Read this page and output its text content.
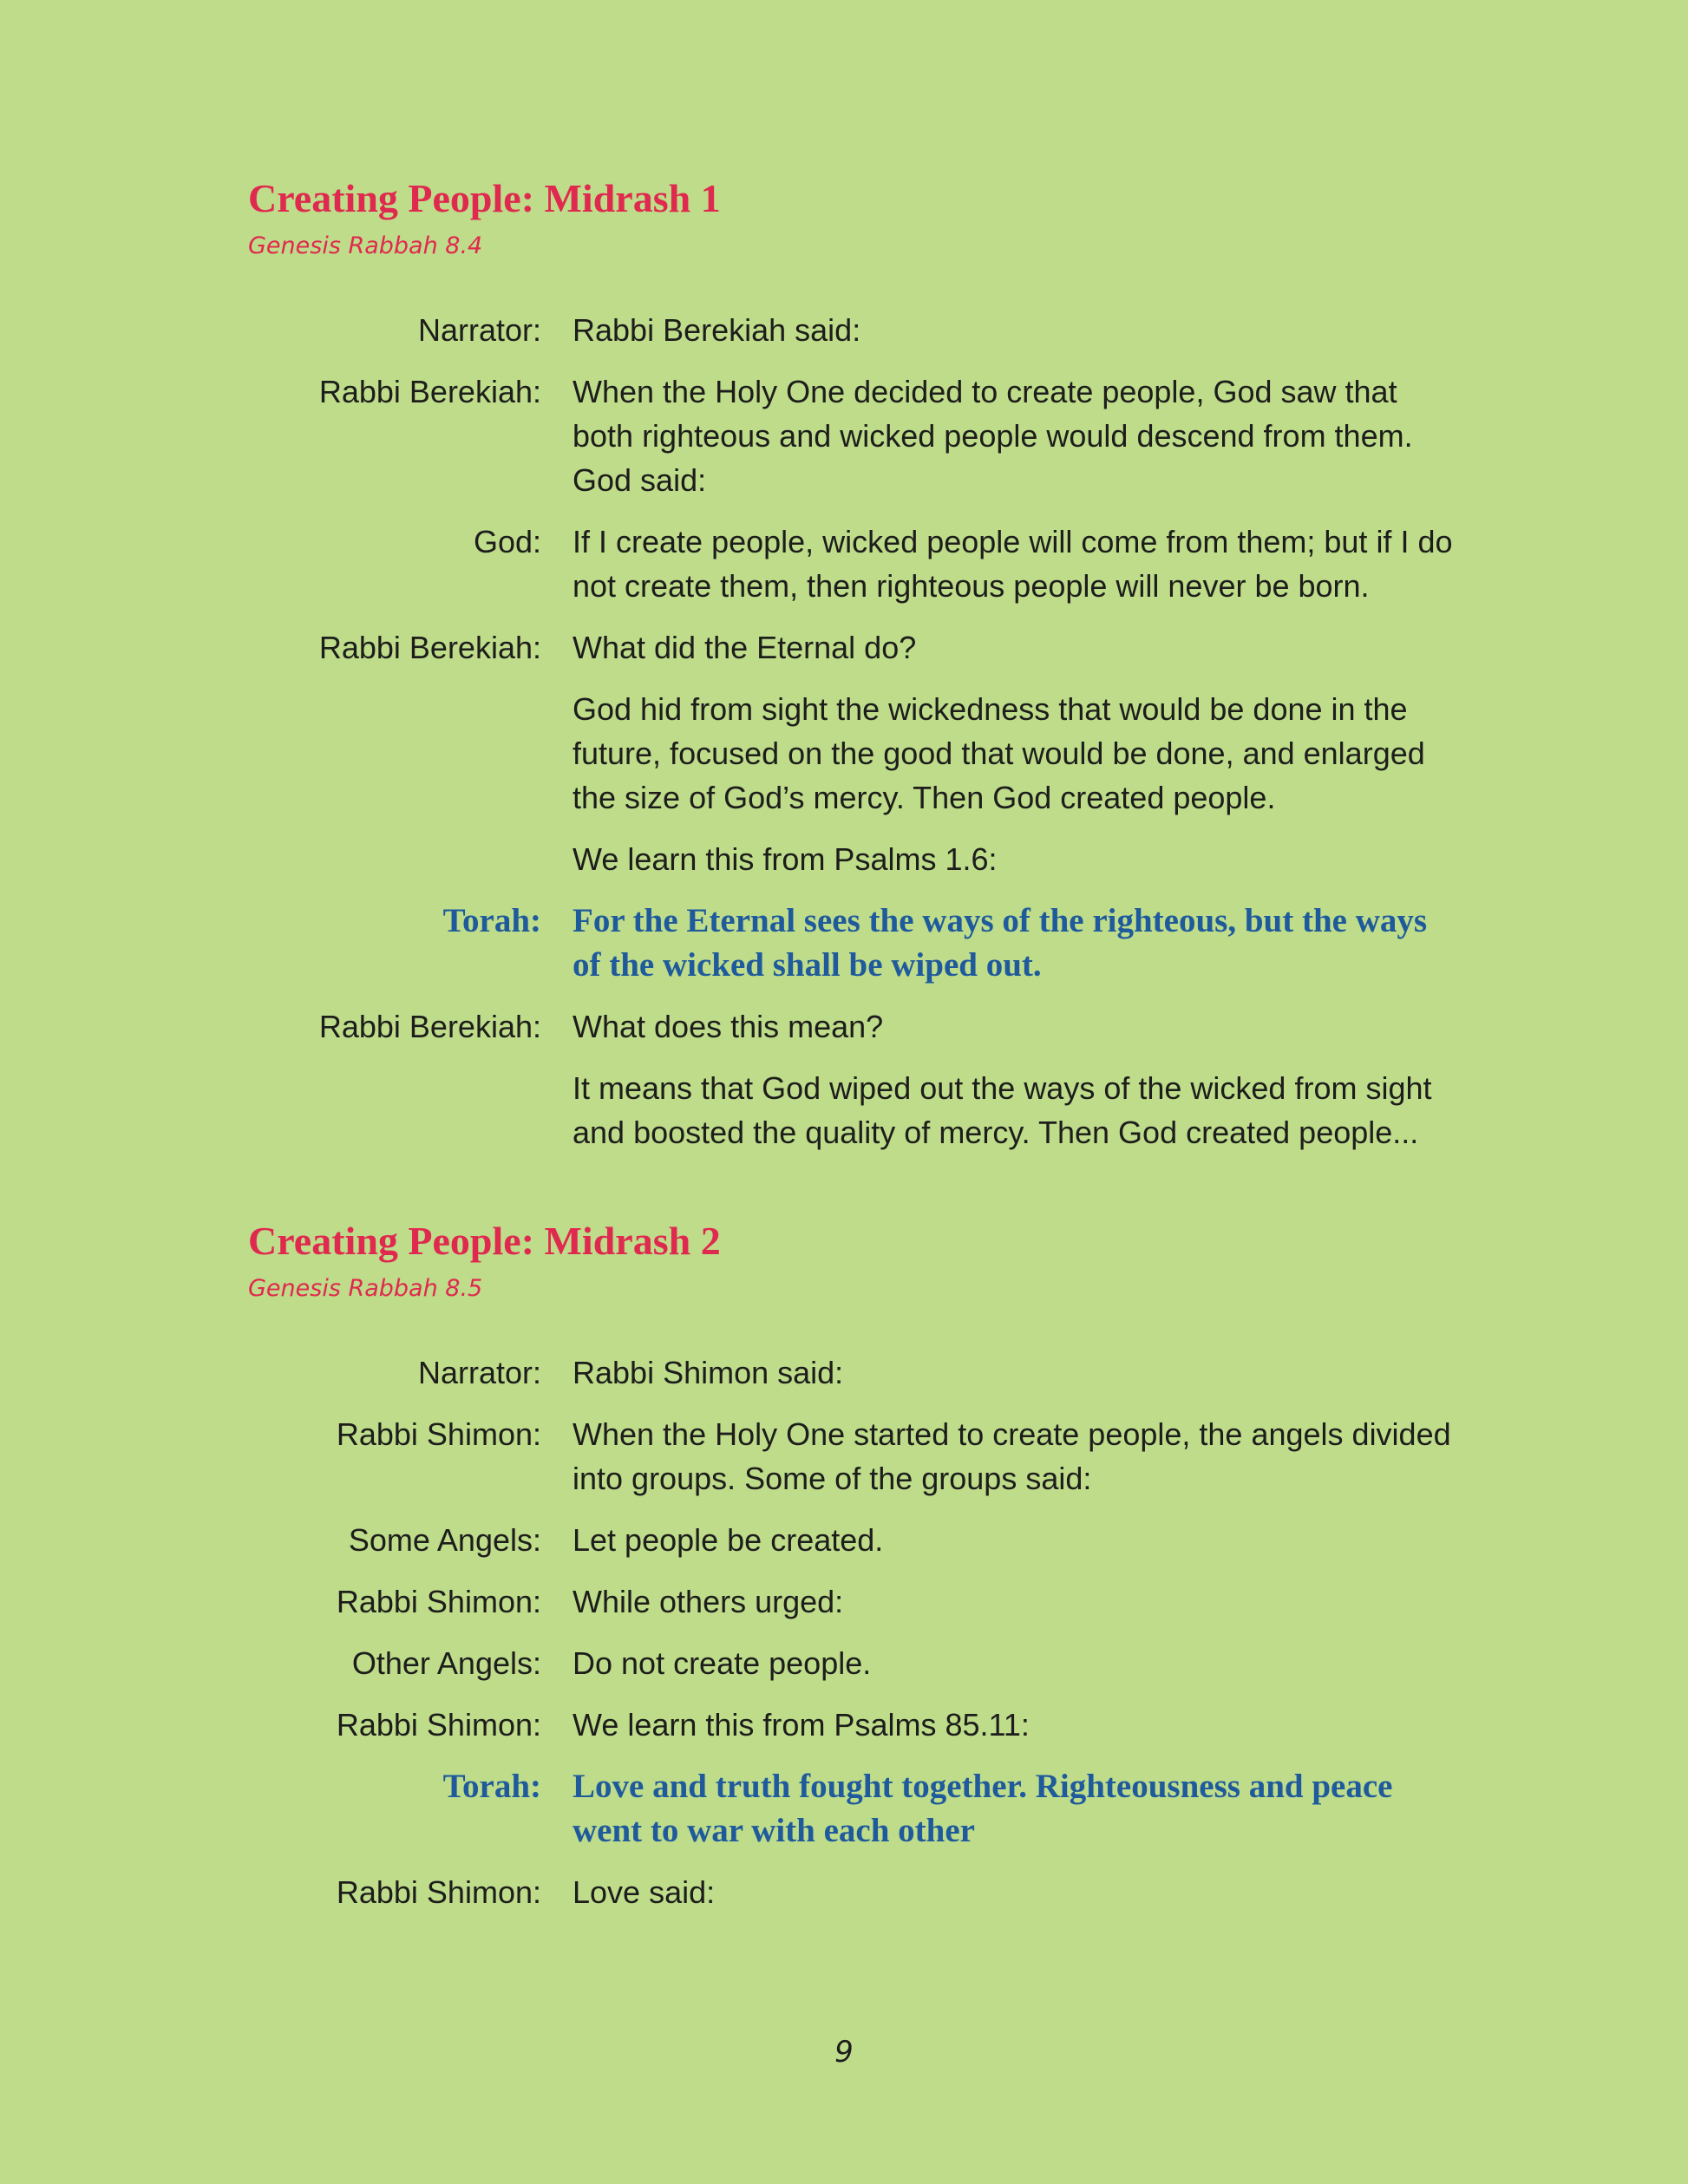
Creating People: Midrash 1
Genesis Rabbah 8.4
Narrator: Rabbi Berekiah said:
Rabbi Berekiah: When the Holy One decided to create people, God saw that both righteous and wicked people would descend from them. God said:
God: If I create people, wicked people will come from them; but if I do not create them, then righteous people will never be born.
Rabbi Berekiah: What did the Eternal do?
God hid from sight the wickedness that would be done in the future, focused on the good that would be done, and enlarged the size of God’s mercy. Then God created people.
We learn this from Psalms 1.6:
Torah: For the Eternal sees the ways of the righteous, but the ways of the wicked shall be wiped out.
Rabbi Berekiah: What does this mean?
It means that God wiped out the ways of the wicked from sight and boosted the quality of mercy. Then God created people...
Creating People: Midrash 2
Genesis Rabbah 8.5
Narrator: Rabbi Shimon said:
Rabbi Shimon: When the Holy One started to create people, the angels divided into groups. Some of the groups said:
Some Angels: Let people be created.
Rabbi Shimon: While others urged:
Other Angels: Do not create people.
Rabbi Shimon: We learn this from Psalms 85.11:
Torah: Love and truth fought together. Righteousness and peace went to war with each other
Rabbi Shimon: Love said:
9
